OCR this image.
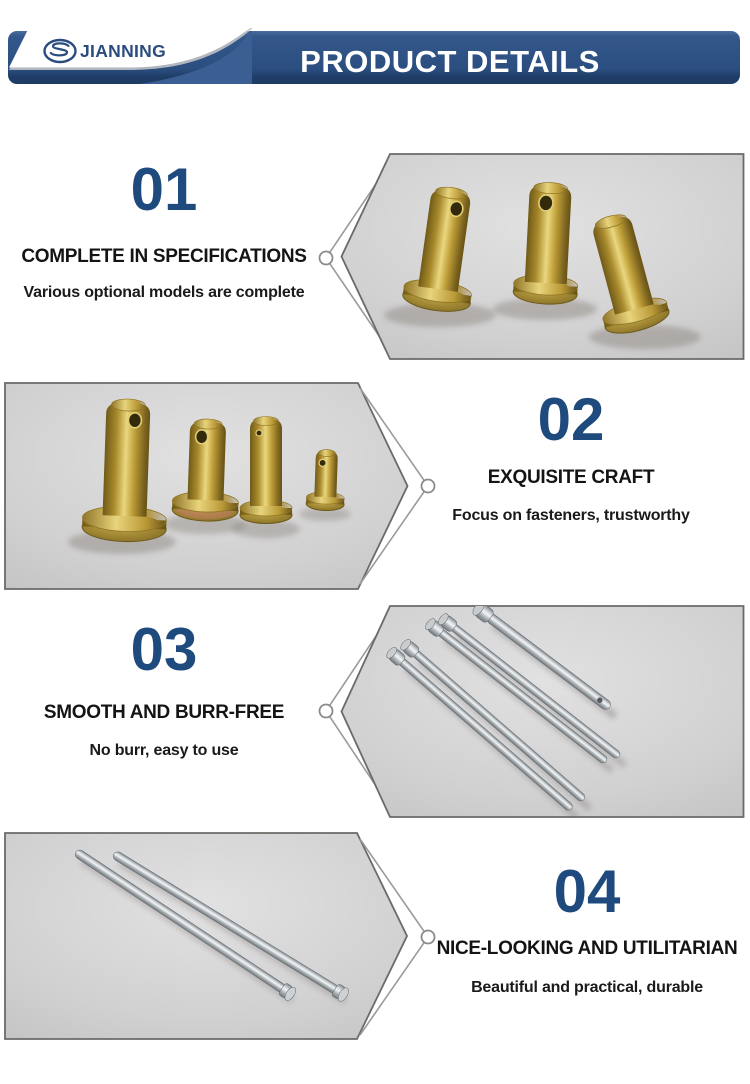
JIANNING	PRODUCT DETAILS
01
COMPLETE IN SPECIFICATIONS
Various optional models are complete
02
EXQUISITE CRAFT
Focus on fasteners, trustworthy
03
SMOOTH AND BURR-FREE
No burr, easy to use
04
NICE-LOOKING AND UTILITARIAN
Beautiful and practical, durable
